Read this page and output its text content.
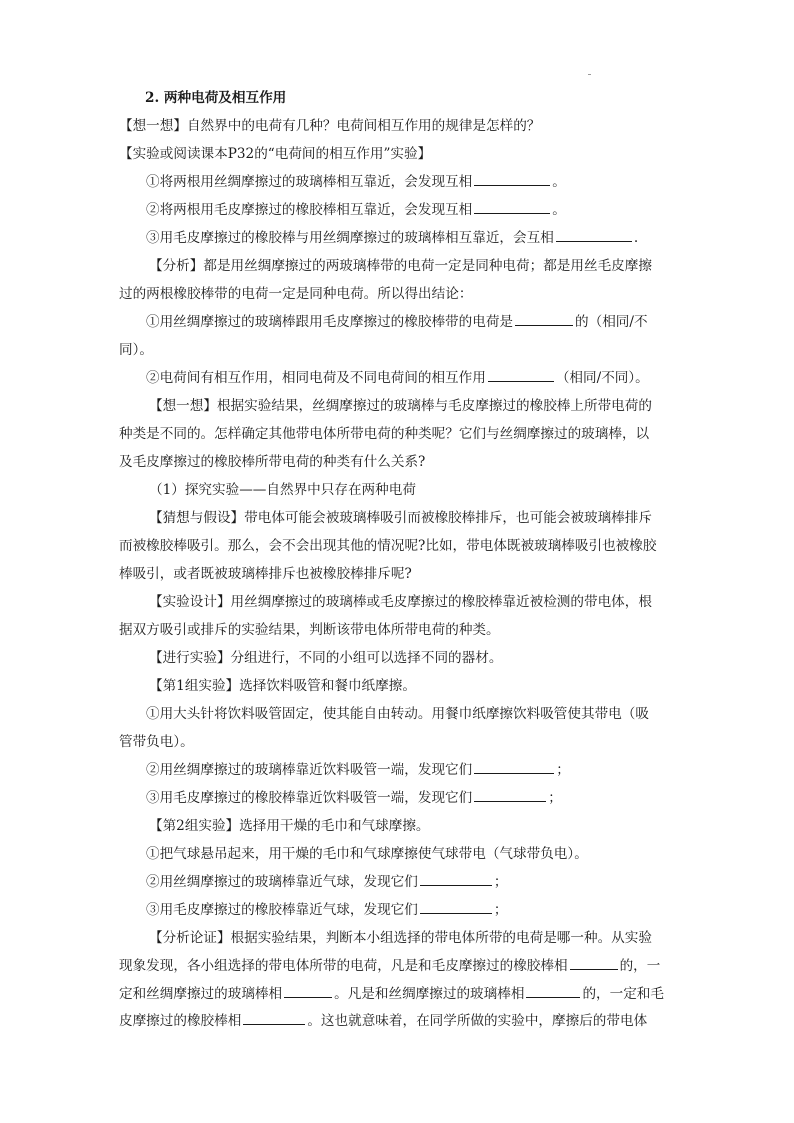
2. 两种电荷及相互作用
【想一想】自然界中的电荷有几种？电荷间相互作用的规律是怎样的？
【实验或阅读课本P32的“电荷间的相互作用”实验】
①将两根用丝绸摩擦过的玻璃棒相互靠近，会发现互相	。
②将两根用毛皮摩擦过的橡胶棒相互靠近，会发现互相	。
③用毛皮摩擦过的橡胶棒与用丝绸摩擦过的玻璃棒相互靠近，会互相	.
【分析】都是用丝绸摩擦过的两玻璃棒带的电荷一定是同种电荷；都是用丝毛皮摩擦
过的两根橡胶棒带的电荷一定是同种电荷。所以得出结论：
①用丝绸摩擦过的玻璃棒跟用毛皮摩擦过的橡胶棒带的电荷是	的（相同/不
同）。
②电荷间有相互作用，相同电荷及不同电荷间的相互作用	（相同/不同）。
【想一想】根据实验结果，丝绸摩擦过的玻璃棒与毛皮摩擦过的橡胶棒上所带电荷的
种类是不同的。怎样确定其他带电体所带电荷的种类呢？它们与丝绸摩擦过的玻璃棒，以
及毛皮摩擦过的橡胶棒所带电荷的种类有什么关系?
（1）探究实验——自然界中只存在两种电荷
【猜想与假设】带电体可能会被玻璃棒吸引而被橡胶棒排斥，也可能会被玻璃棒排斥
而被橡胶棒吸引。那么，会不会出现其他的情况呢?比如，带电体既被玻璃棒吸引也被橡胶
棒吸引，或者既被玻璃棒排斥也被橡胶棒排斥呢?
【实验设计】用丝绸摩擦过的玻璃棒或毛皮摩擦过的橡胶棒靠近被检测的带电体，根
据双方吸引或排斥的实验结果，判断该带电体所带电荷的种类。
【进行实验】分组进行，不同的小组可以选择不同的器材。
【第1组实验】选择饮料吸管和餐巾纸摩擦。
①用大头针将饮料吸管固定，使其能自由转动。用餐巾纸摩擦饮料吸管使其带电（吸
管带负电）。
②用丝绸摩擦过的玻璃棒靠近饮料吸管一端，发现它们	；
③用毛皮摩擦过的橡胶棒靠近饮料吸管一端，发现它们	；
【第2组实验】选择用干燥的毛巾和气球摩擦。
①把气球悬吊起来，用干燥的毛巾和气球摩擦使气球带电（气球带负电）。
②用丝绸摩擦过的玻璃棒靠近气球，发现它们	；
③用毛皮摩擦过的橡胶棒靠近气球，发现它们	；
【分析论证】根据实验结果，判断本小组选择的带电体所带的电荷是哪一种。从实验
现象发现，各小组选择的带电体所带的电荷，凡是和毛皮摩擦过的橡胶棒相	的，一
定和丝绸摩擦过的玻璃棒相	。凡是和丝绸摩擦过的玻璃棒相	的，一定和毛
皮摩擦过的橡胶棒相	。这也就意味着，在同学所做的实验中，摩擦后的带电体
